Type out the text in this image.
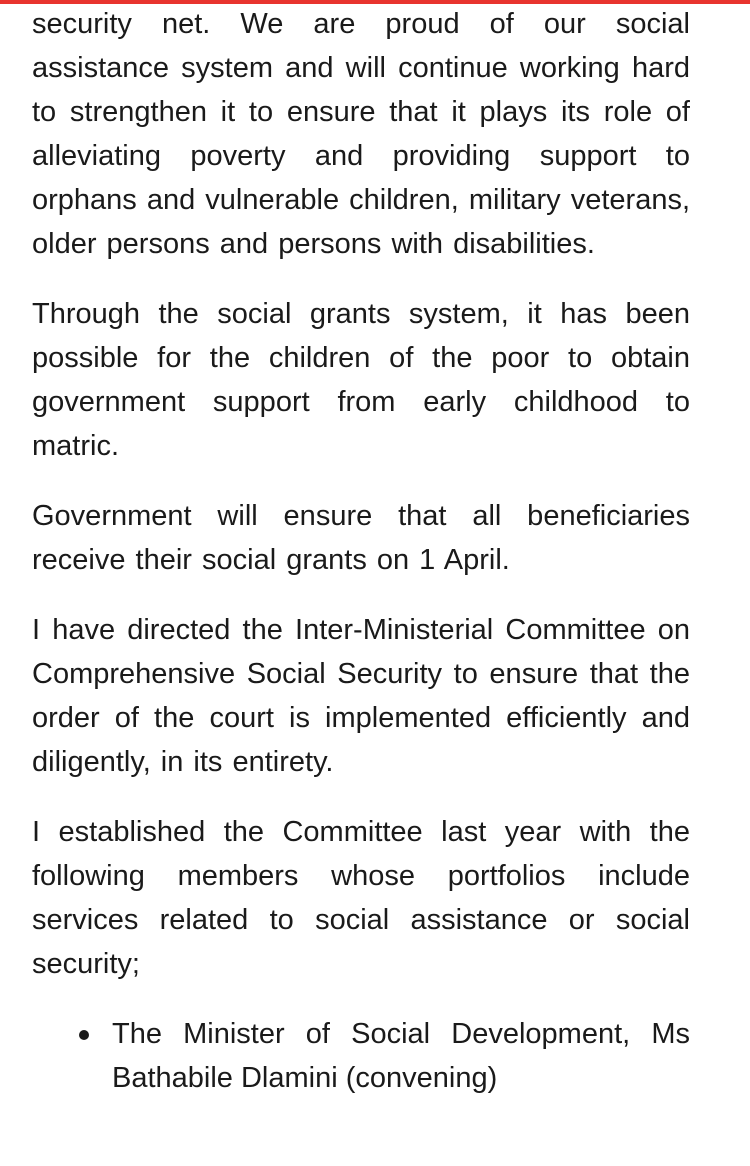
security net. We are proud of our social assistance system and will continue working hard to strengthen it to ensure that it plays its role of alleviating poverty and providing support to orphans and vulnerable children, military veterans, older persons and persons with disabilities.

Through the social grants system, it has been possible for the children of the poor to obtain government support from early childhood to matric.

Government will ensure that all beneficiaries receive their social grants on 1 April.

I have directed the Inter-Ministerial Committee on Comprehensive Social Security to ensure that the order of the court is implemented efficiently and diligently, in its entirety.

I established the Committee last year with the following members whose portfolios include services related to social assistance or social security;

The Minister of Social Development, Ms Bathabile Dlamini (convening)
